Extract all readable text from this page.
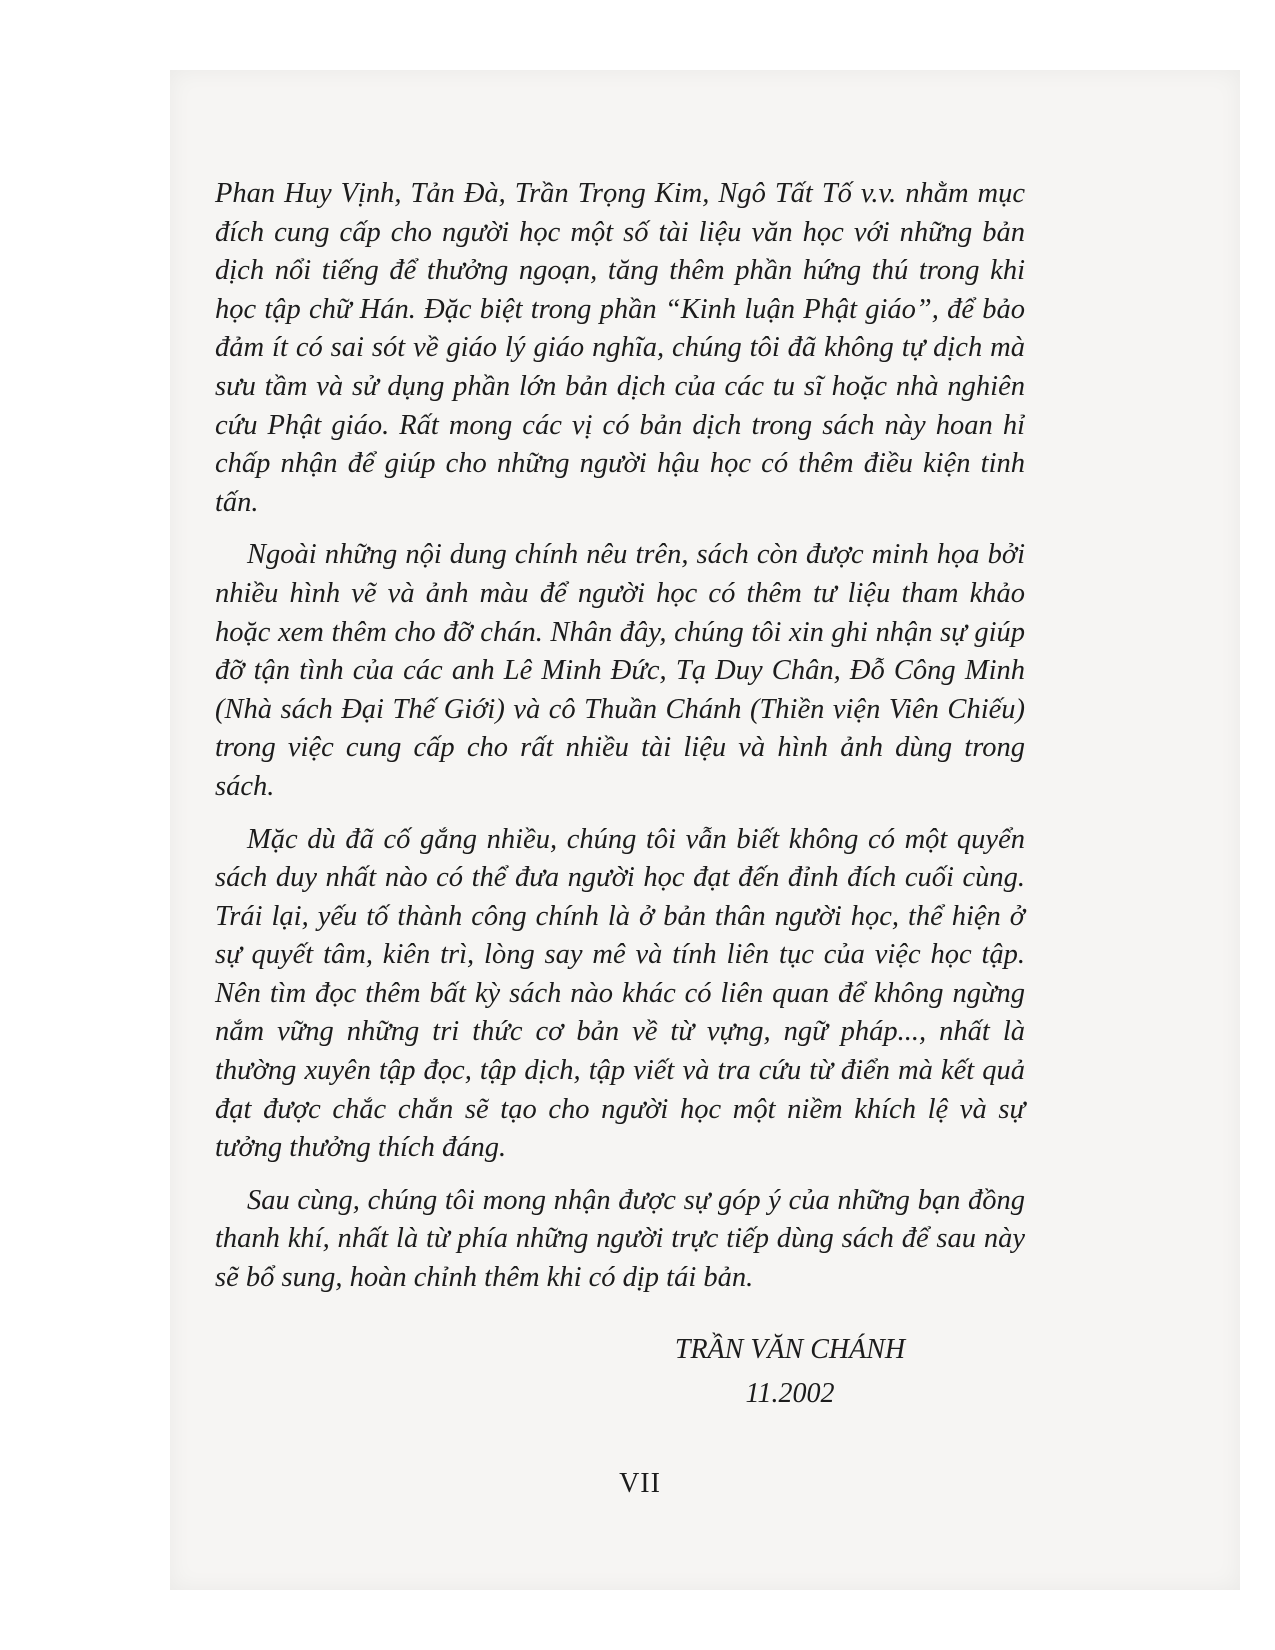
Phan Huy Vịnh, Tản Đà, Trần Trọng Kim, Ngô Tất Tố v.v. nhằm mục đích cung cấp cho người học một số tài liệu văn học với những bản dịch nổi tiếng để thưởng ngoạn, tăng thêm phần hứng thú trong khi học tập chữ Hán. Đặc biệt trong phần “Kinh luận Phật giáo”, để bảo đảm ít có sai sót về giáo lý giáo nghĩa, chúng tôi đã không tự dịch mà sưu tầm và sử dụng phần lớn bản dịch của các tu sĩ hoặc nhà nghiên cứu Phật giáo. Rất mong các vị có bản dịch trong sách này hoan hỉ chấp nhận để giúp cho những người hậu học có thêm điều kiện tinh tấn.

Ngoài những nội dung chính nêu trên, sách còn được minh họa bởi nhiều hình vẽ và ảnh màu để người học có thêm tư liệu tham khảo hoặc xem thêm cho đỡ chán. Nhân đây, chúng tôi xin ghi nhận sự giúp đỡ tận tình của các anh Lê Minh Đức, Tạ Duy Chân, Đỗ Công Minh (Nhà sách Đại Thế Giới) và cô Thuần Chánh (Thiền viện Viên Chiếu) trong việc cung cấp cho rất nhiều tài liệu và hình ảnh dùng trong sách.

Mặc dù đã cố gắng nhiều, chúng tôi vẫn biết không có một quyển sách duy nhất nào có thể đưa người học đạt đến đỉnh đích cuối cùng. Trái lại, yếu tố thành công chính là ở bản thân người học, thể hiện ở sự quyết tâm, kiên trì, lòng say mê và tính liên tục của việc học tập. Nên tìm đọc thêm bất kỳ sách nào khác có liên quan để không ngừng nắm vững những tri thức cơ bản về từ vựng, ngữ pháp..., nhất là thường xuyên tập đọc, tập dịch, tập viết và tra cứu từ điển mà kết quả đạt được chắc chắn sẽ tạo cho người học một niềm khích lệ và sự tưởng thưởng thích đáng.

Sau cùng, chúng tôi mong nhận được sự góp ý của những bạn đồng thanh khí, nhất là từ phía những người trực tiếp dùng sách để sau này sẽ bổ sung, hoàn chỉnh thêm khi có dịp tái bản.

TRẦN VĂN CHÁNH
11.2002
VII
